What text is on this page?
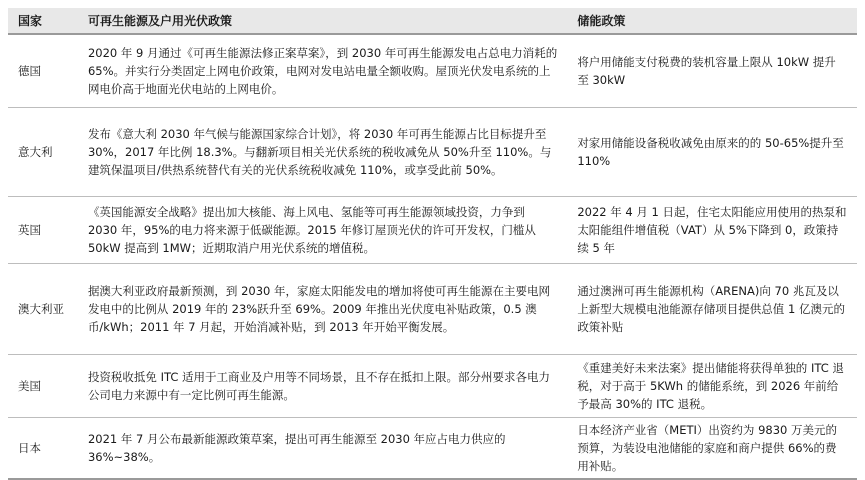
国家	可再生能源及户用光伏政策	储能政策
德国	2020 年 9 月通过《可再生能源法修正案草案》，到 2030 年可再生能源发电占总电力消耗的 65%。并实行分类固定上网电价政策，电网对发电站电量全额收购。屋顶光伏发电系统的上网电价高于地面光伏电站的上网电价。	将户用储能支付税费的装机容量上限从 10kW 提升至 30kW
意大利	发布《意大利 2030 年气候与能源国家综合计划》，将 2030 年可再生能源占比目标提升至 30%，2017 年比例 18.3%。与翻新项目相关光伏系统的税收减免从 50%升至 110%。与建筑保温项目/供热系统替代有关的光伏系统税收减免 110%，或享受此前 50%。	对家用储能设备税收减免由原来的的 50-65%提升至 110%
英国	《英国能源安全战略》提出加大核能、海上风电、氢能等可再生能源领域投资，力争到 2030 年，95%的电力将来源于低碳能源。2015 年修订屋顶光伏的许可开发权，门槛从 50kW 提高到 1MW；近期取消户用光伏系统的增值税。	2022 年 4 月 1 日起，住宅太阳能应用使用的热泵和太阳能组件增值税（VAT）从 5%下降到 0，政策持续 5 年
澳大利亚	据澳大利亚政府最新预测，到 2030 年，家庭太阳能发电的增加将使可再生能源在主要电网发电中的比例从 2019 年的 23%跃升至 69%。2009 年推出光伏度电补贴政策，0.5 澳币/kWh；2011 年 7 月起，开始消减补贴，到 2013 年开始平衡发展。	通过澳洲可再生能源机构（ARENA)向 70 兆瓦及以上新型大规模电池能源存储项目提供总值 1 亿澳元的政策补贴
美国	投资税收抵免 ITC 适用于工商业及户用等不同场景，且不存在抵扣上限。部分州要求各电力公司电力来源中有一定比例可再生能源。	《重建美好未来法案》提出储能将获得单独的 ITC 退税，对于高于 5KWh 的储能系统，到 2026 年前给予最高 30%的 ITC 退税。
日本	2021 年 7 月公布最新能源政策草案，提出可再生能源至 2030 年应占电力供应的 36%~38%。	日本经济产业省（METI）出资约为 9830 万美元的预算，为装设电池储能的家庭和商户提供 66%的费用补贴。
